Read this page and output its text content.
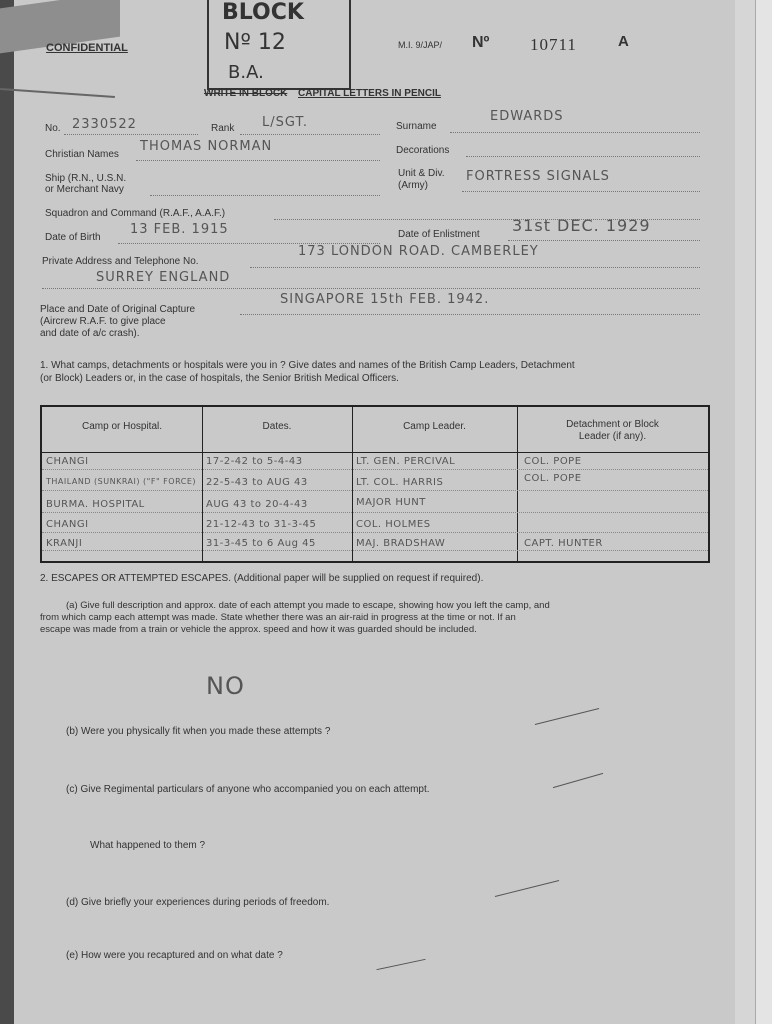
CONFIDENTIAL
BLOCK
Nº 12
B.A.
M.I. 9/JAP/ Nº 10711	A
WRITE IN BLOCK CAPITAL LETTERS IN PENCIL
No. 2330522	Rank L/SGT.	Surname
EDWARDS
Christian Names
THOMAS NORMAN	Decorations
Ship (R.N., U.S.N.
or Merchant Navy
Unit & Div.
(Army)
FORTRESS SIGNALS
Squadron and Command (R.A.F., A.A.F.)
Date of Birth
13 FEB. 1915	Date of Enlistment 31st DEC. 1929
Private Address and Telephone No.
173 LONDON ROAD. CAMBERLEY
SURREY ENGLAND
Place and Date of Original Capture
(Aircrew R.A.F. to give place
and date of a/c crash).
SINGAPORE 15th FEB. 1942.
1. What camps, detachments or hospitals were you in ? Give dates and names of the British Camp Leaders, Detachment
(or Block) Leaders or, in the case of hospitals, the Senior British Medical Officers.
Camp or Hospital.	Dates.	Camp Leader.	Detachment or Block
Leader (if any).
CHANGI	17-2-42 to 5-4-43	LT. GEN. PERCIVAL	COL. POPE
THAILAND (SUNKRAI) ("F" FORCE) 22-5-43 to AUG 43	LT. COL. HARRIS	COL. POPE
BURMA. HOSPITAL	AUG 43 to 20-4-43	MAJOR HUNT
CHANGI	21-12-43 to 31-3-45	COL. HOLMES
KRANJI	31-3-45 to 6 Aug 45	MAJ. BRADSHAW	CAPT. HUNTER
2. ESCAPES OR ATTEMPTED ESCAPES. (Additional paper will be supplied on request if required).
(a) Give full description and approx. date of each attempt you made to escape, showing how you left the camp, and
from which camp each attempt was made. State whether there was an air-raid in progress at the time or not. If an
escape was made from a train or vehicle the approx. speed and how it was guarded should be included.
NO
(b) Were you physically fit when you made these attempts ?
(c) Give Regimental particulars of anyone who accompanied you on each attempt.
What happened to them ?
(d) Give briefly your experiences during periods of freedom.
(e) How were you recaptured and on what date ?
